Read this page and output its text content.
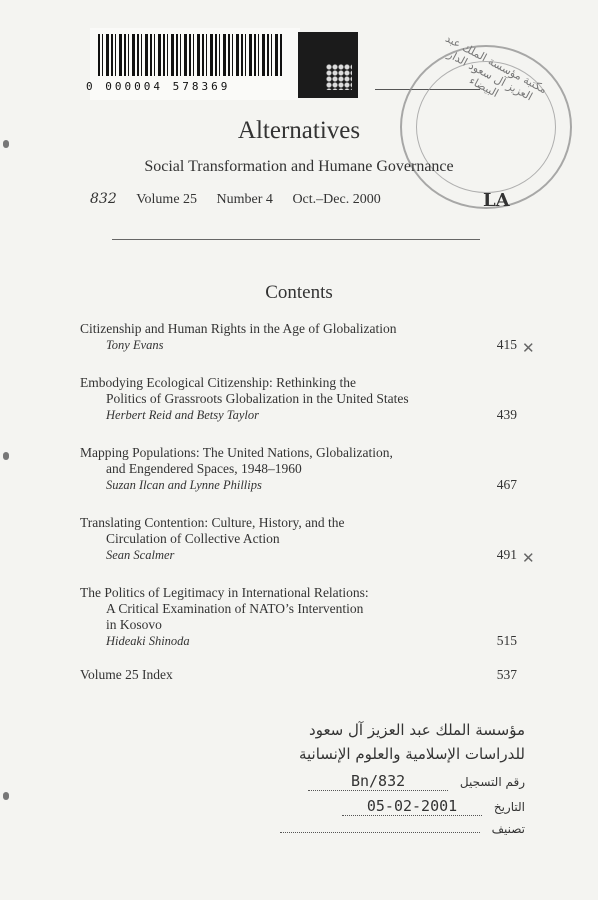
0 000004 578369	مكتبة مؤسسة الملك عبد العزيز آل سعود الدار البيضاء
Alternatives
Social Transformation and Humane Governance
832 Volume 25 Number 4 Oct.–Dec. 2000	LA
Contents
Citizenship and Human Rights in the Age of Globalization
Tony Evans	415 ✕
Embodying Ecological Citizenship: Rethinking the
Politics of Grassroots Globalization in the United States
Herbert Reid and Betsy Taylor	439
Mapping Populations: The United Nations, Globalization,
and Engendered Spaces, 1948–1960
Suzan Ilcan and Lynne Phillips	467
Translating Contention: Culture, History, and the
Circulation of Collective Action
Sean Scalmer	491 ✕
The Politics of Legitimacy in International Relations:
A Critical Examination of NATO’s Intervention
in Kosovo
Hideaki Shinoda	515
Volume 25 Index	537
مؤسسة الملك عبد العزيز آل سعود
للدراسات الإسلامية والعلوم الإنسانية
رقم التسجيل Bn/832
التاريخ 05-02-2001
تصنيف
